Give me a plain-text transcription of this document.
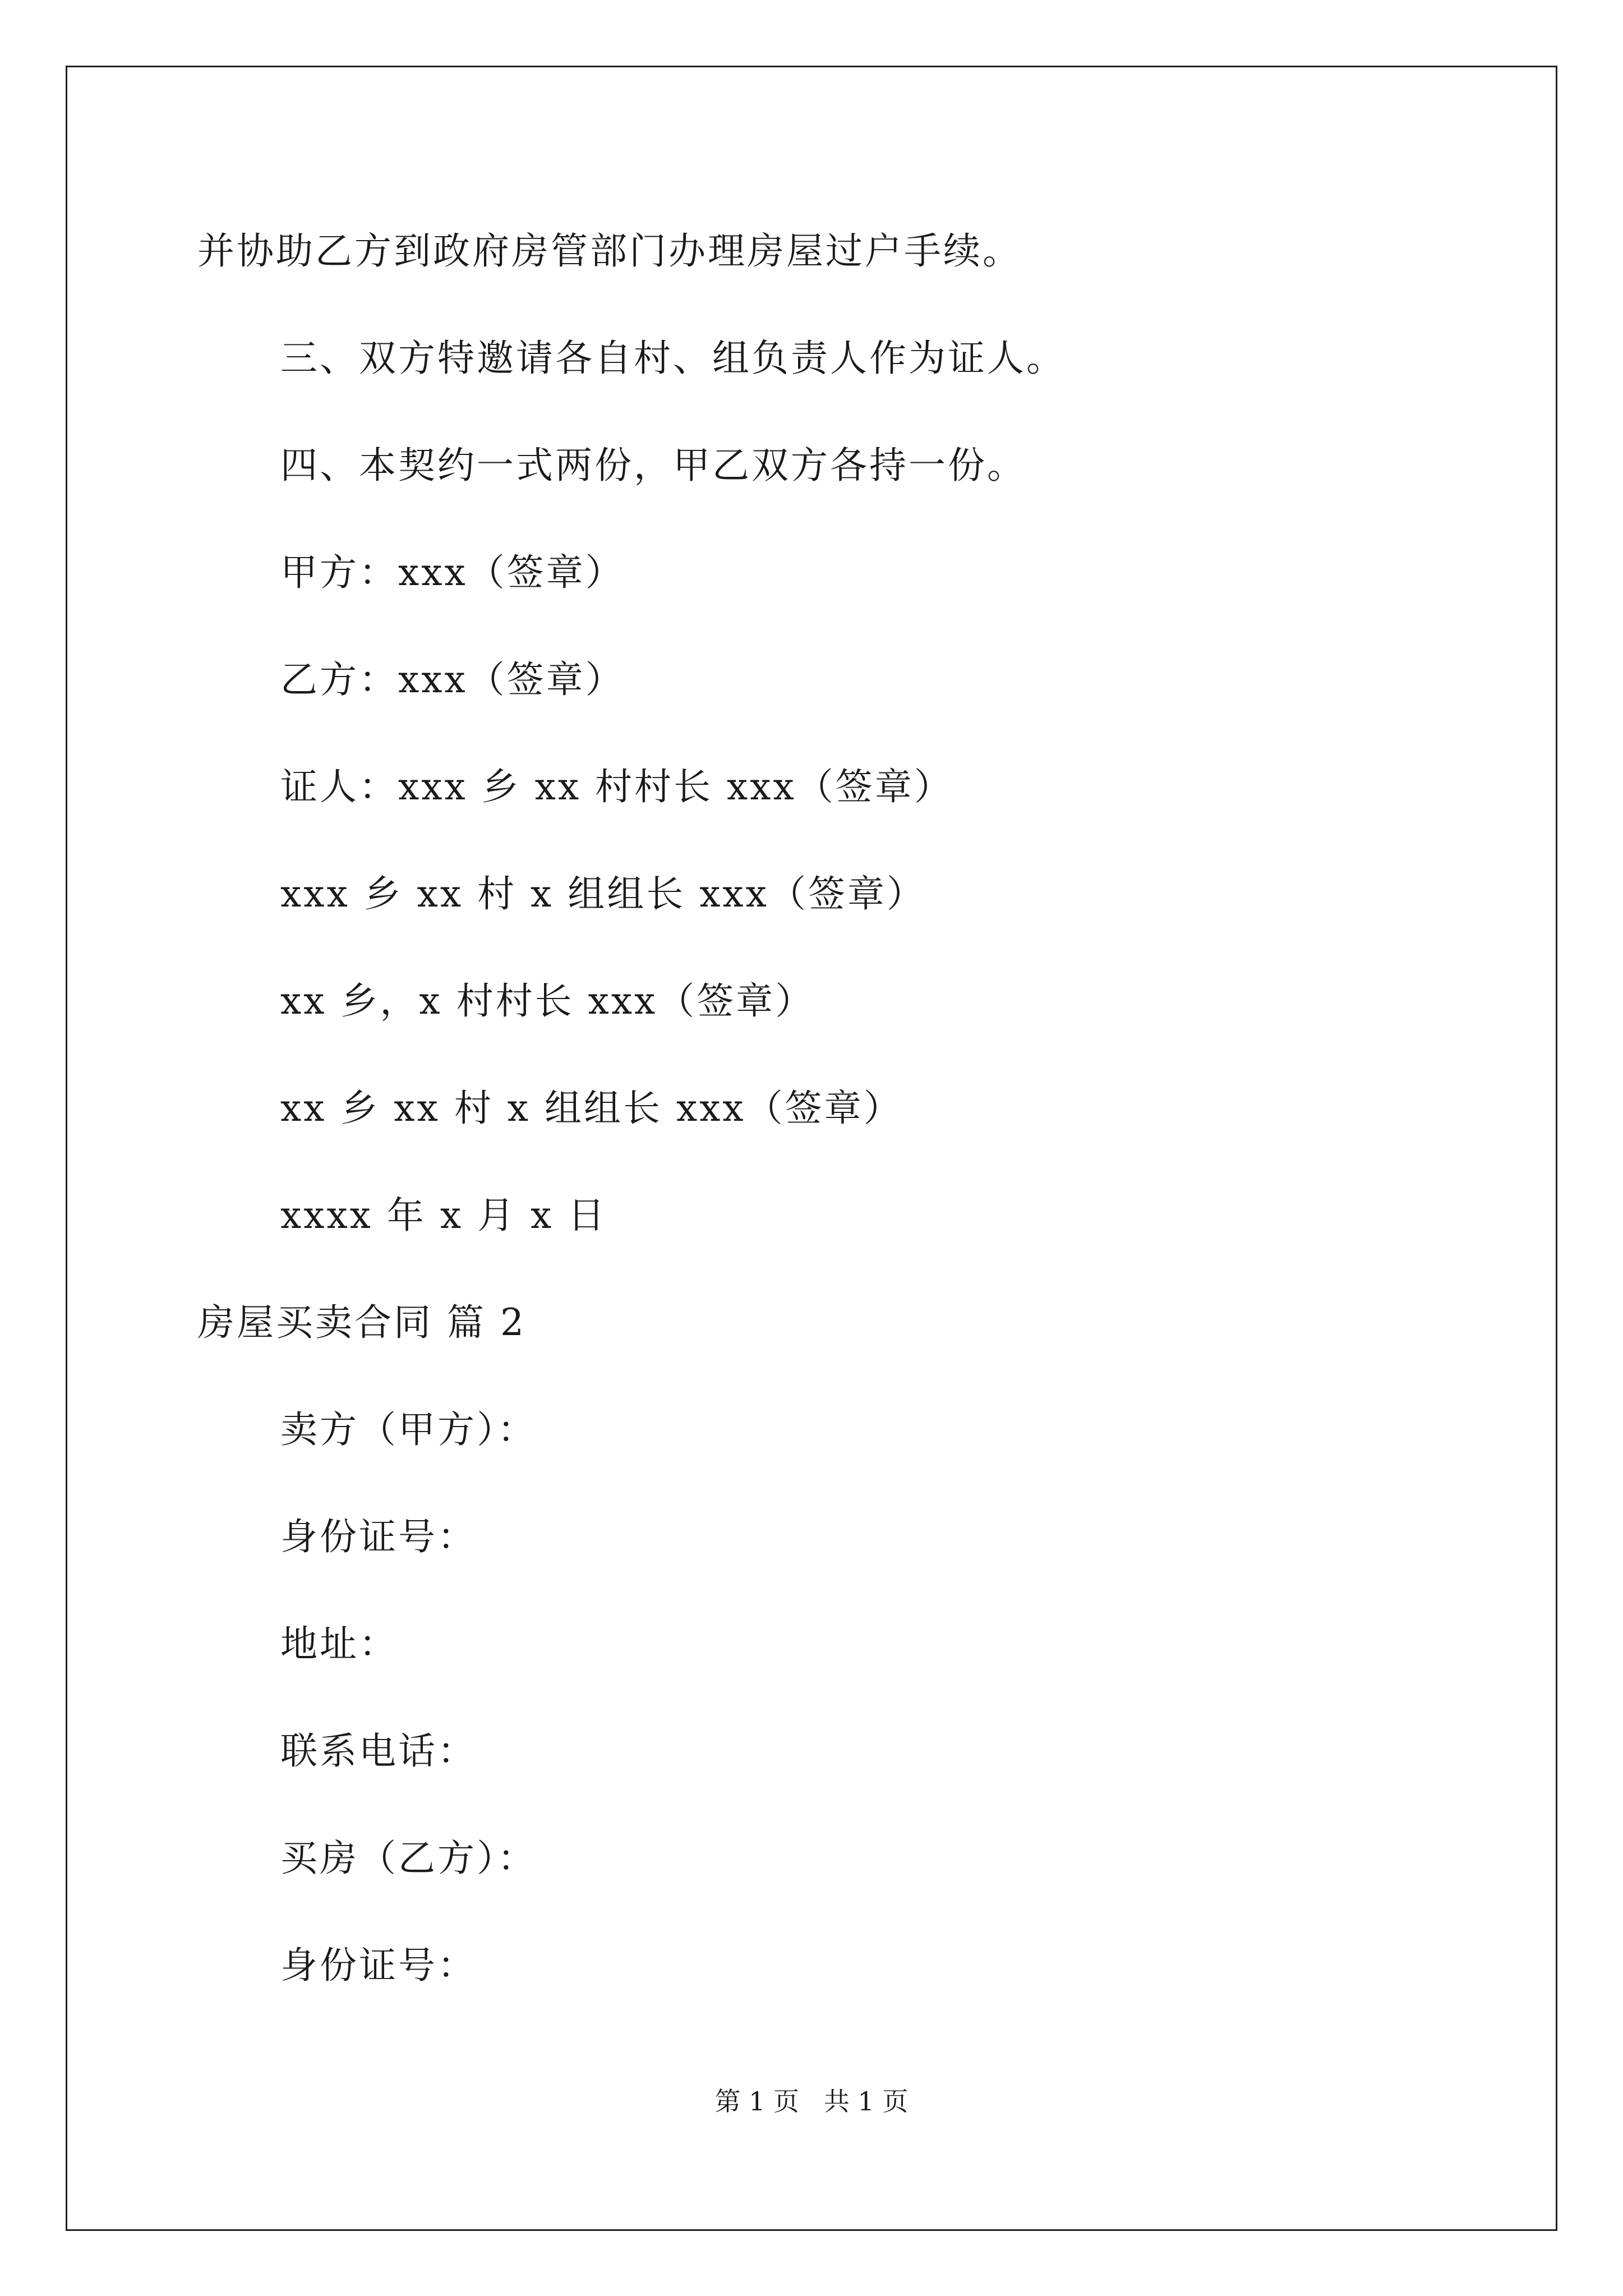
并协助乙方到政府房管部门办理房屋过户手续。
三、双方特邀请各自村、组负责人作为证人。
四、本契约一式两份，甲乙双方各持一份。
甲方：xxx（签章）
乙方：xxx（签章）
证人：xxx 乡 xx 村村长 xxx（签章）
xxx 乡 xx 村 x 组组长 xxx（签章）
xx 乡，x 村村长 xxx（签章）
xx 乡 xx 村 x 组组长 xxx（签章）
xxxx 年 x 月 x 日
房屋买卖合同 篇 2
卖方（甲方）：
身份证号：
地址：
联系电话：
买房（乙方）：
身份证号：
第 1 页   共 1 页
